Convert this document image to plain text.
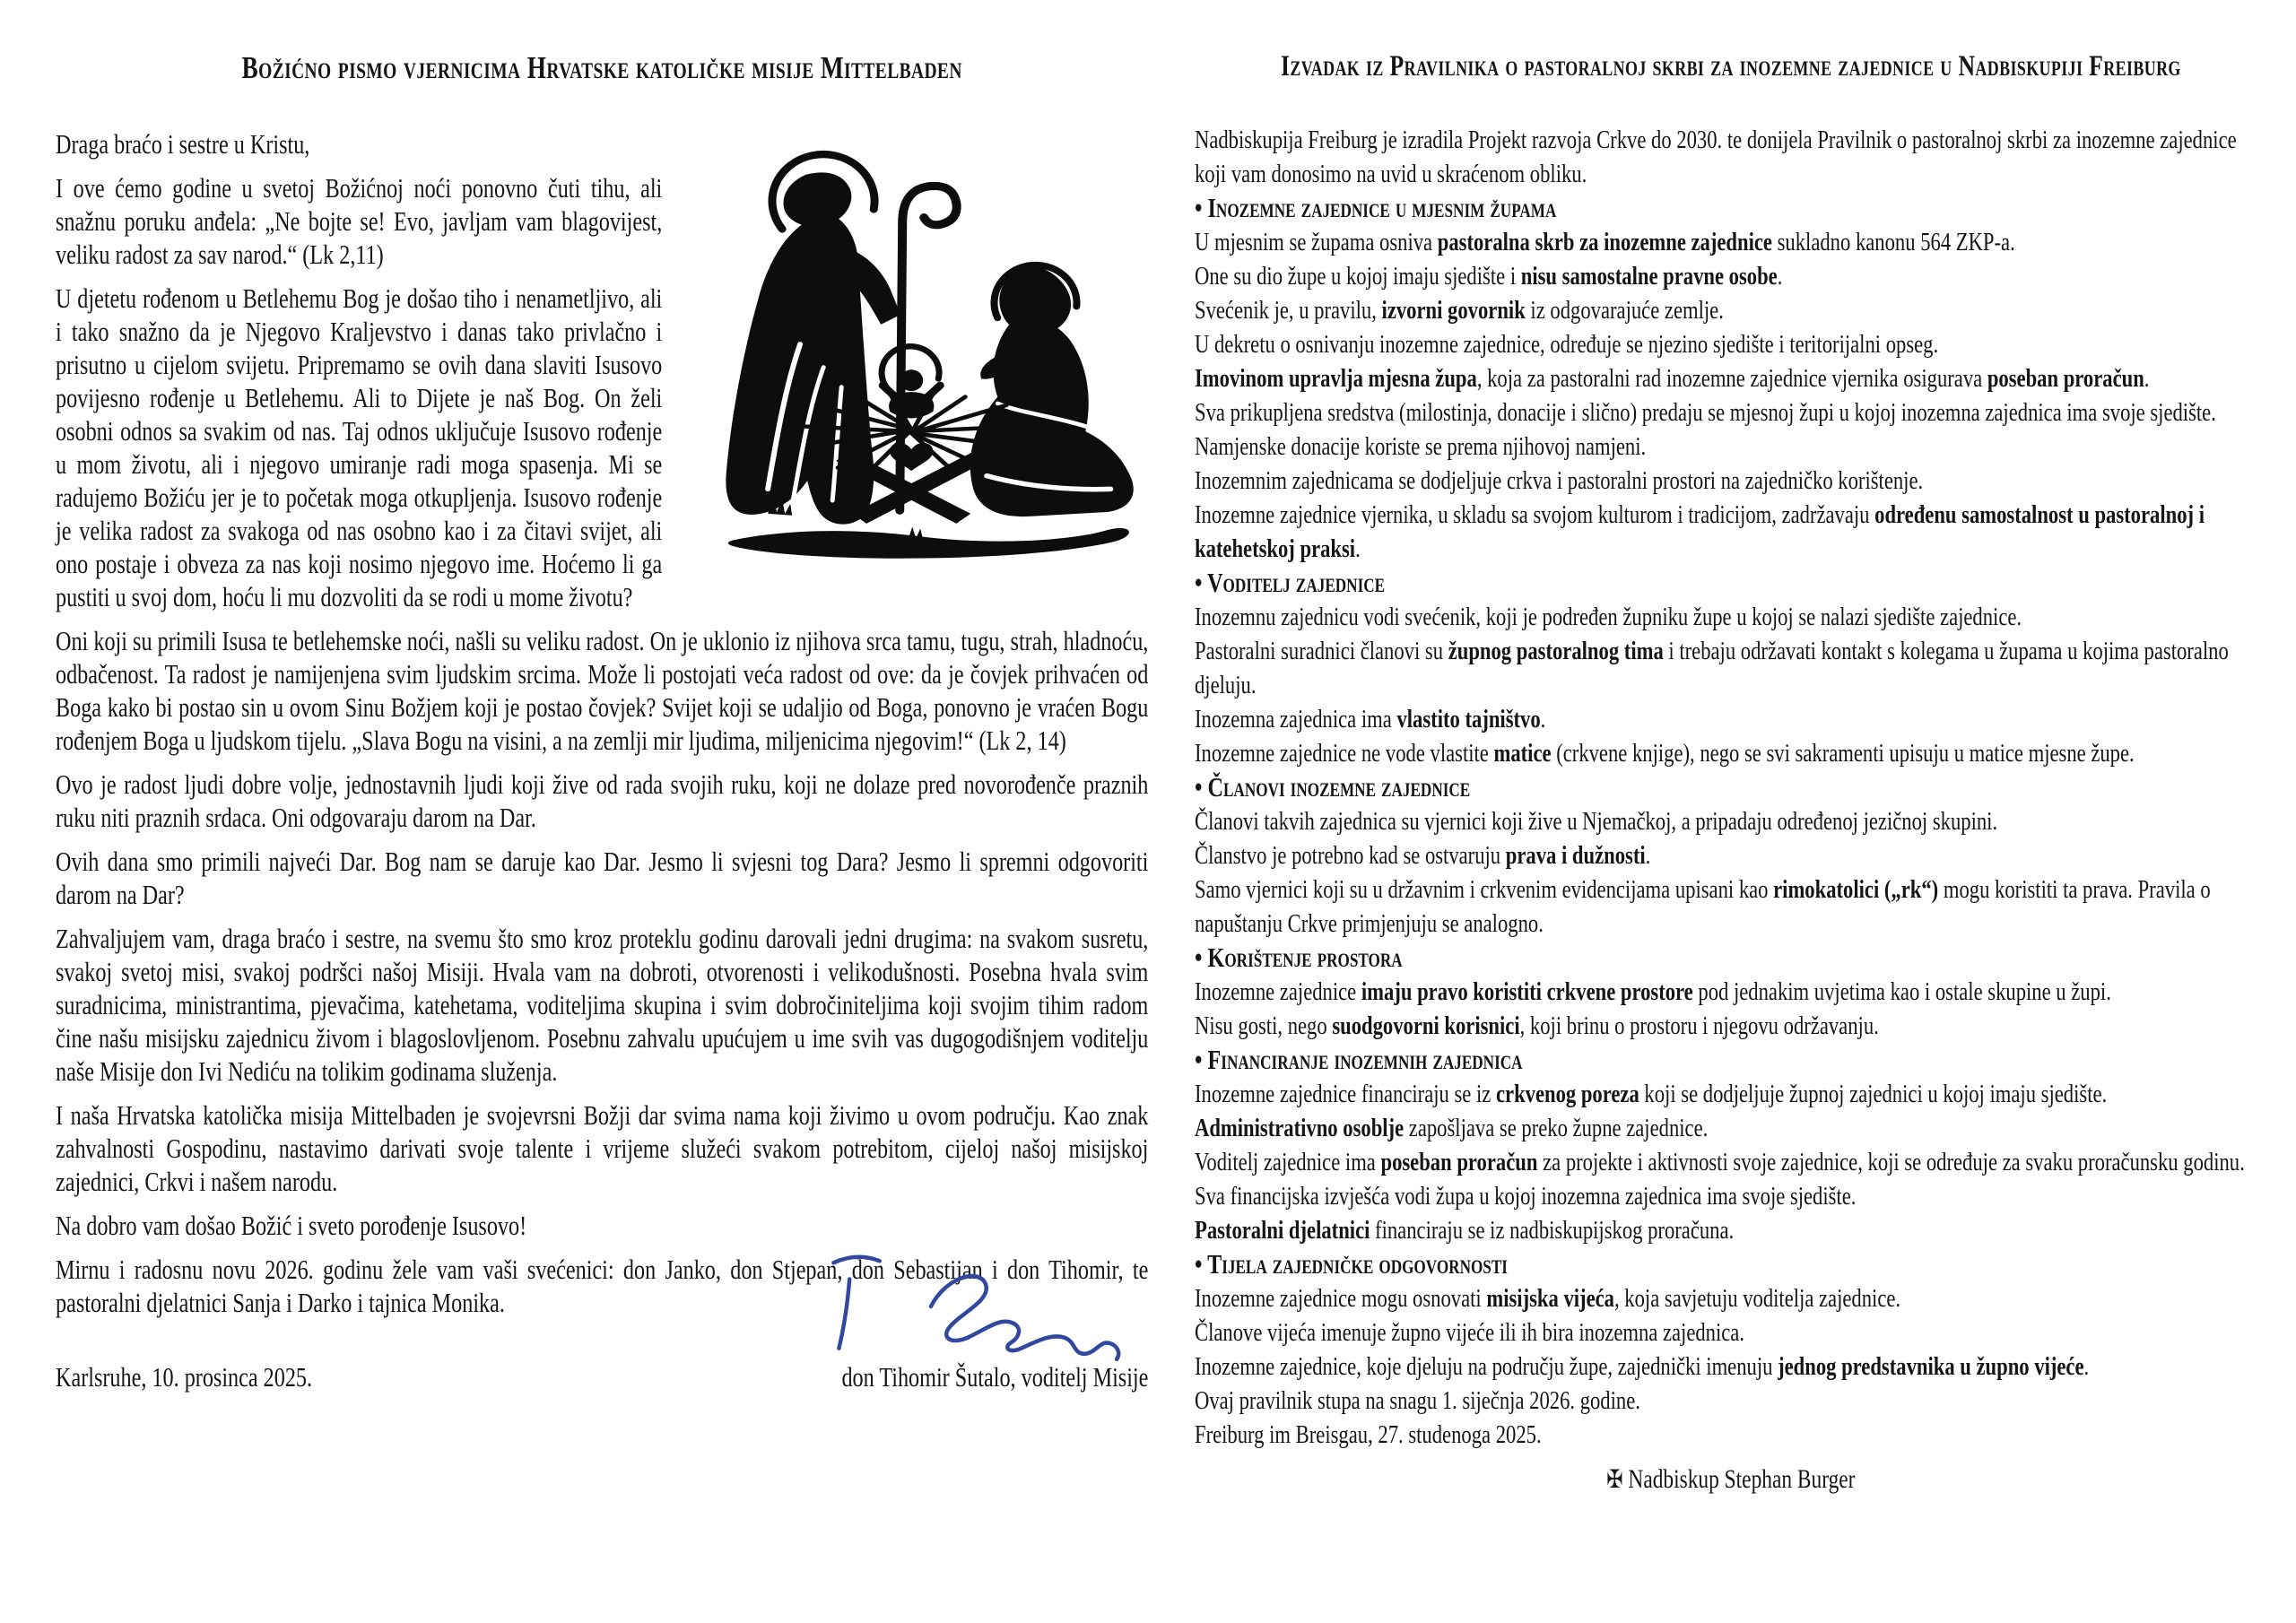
Božićno pismo vjernicima Hrvatske katoličke misije Mittelbaden

Draga braćo i sestre u Kristu,

I ove ćemo godine u svetoj Božićnoj noći ponovno čuti tihu, ali snažnu poruku anđela: „Ne bojte se! Evo, javljam vam blagovijest, veliku radost za sav narod.“ (Lk 2,11)

U djetetu rođenom u Betlehemu Bog je došao tiho i nenametljivo, ali i tako snažno da je Njegovo Kraljevstvo i danas tako privlačno i prisutno u cijelom svijetu. Pripremamo se ovih dana slaviti Isusovo povijesno rođenje u Betlehemu. Ali to Dijete je naš Bog. On želi osobni odnos sa svakim od nas. Taj odnos uključuje Isusovo rođenje u mom životu, ali i njegovo umiranje radi moga spasenja. Mi se radujemo Božiću jer je to početak moga otkupljenja. Isusovo rođenje je velika radost za svakoga od nas osobno kao i za čitavi svijet, ali ono postaje i obveza za nas koji nosimo njegovo ime. Hoćemo li ga pustiti u svoj dom, hoću li mu dozvoliti da se rodi u mome životu?

Oni koji su primili Isusa te betlehemske noći, našli su veliku radost. On je uklonio iz njihova srca tamu, tugu, strah, hladnoću, odbačenost. Ta radost je namijenjena svim ljudskim srcima. Može li postojati veća radost od ove: da je čovjek prihvaćen od Boga kako bi postao sin u ovom Sinu Božjem koji je postao čovjek? Svijet koji se udaljio od Boga, ponovno je vraćen Bogu rođenjem Boga u ljudskom tijelu. „Slava Bogu na visini, a na zemlji mir ljudima, miljenicima njegovim!“ (Lk 2, 14)

Ovo je radost ljudi dobre volje, jednostavnih ljudi koji žive od rada svojih ruku, koji ne dolaze pred novorođenče praznih ruku niti praznih srdaca. Oni odgovaraju darom na Dar.

Ovih dana smo primili najveći Dar. Bog nam se daruje kao Dar. Jesmo li svjesni tog Dara? Jesmo li spremni odgovoriti darom na Dar?

Zahvaljujem vam, draga braćo i sestre, na svemu što smo kroz proteklu godinu darovali jedni drugima: na svakom susretu, svakoj svetoj misi, svakoj podršci našoj Misiji. Hvala vam na dobroti, otvorenosti i velikodušnosti. Posebna hvala svim suradnicima, ministrantima, pjevačima, katehetama, voditeljima skupina i svim dobročiniteljima koji svojim tihim radom čine našu misijsku zajednicu živom i blagoslovljenom. Posebnu zahvalu upućujem u ime svih vas dugogodišnjem voditelju naše Misije don Ivi Nediću na tolikim godinama služenja.

I naša Hrvatska katolička misija Mittelbaden je svojevrsni Božji dar svima nama koji živimo u ovom području. Kao znak zahvalnosti Gospodinu, nastavimo darivati svoje talente i vrijeme služeći svakom potrebitom, cijeloj našoj misijskoj zajednici, Crkvi i našem narodu.

Na dobro vam došao Božić i sveto porođenje Isusovo!

Mirnu i radosnu novu 2026. godinu žele vam vaši svećenici: don Janko, don Stjepan, don Sebastijan i don Tihomir, te pastoralni djelatnici Sanja i Darko i tajnica Monika.

Karlsruhe, 10. prosinca 2025.	don Tihomir Šutalo, voditelj Misije
Izvadak iz Pravilnika o pastoralnoj skrbi za inozemne zajednice u Nadbiskupiji Freiburg

Nadbiskupija Freiburg je izradila Projekt razvoja Crkve do 2030. te donijela Pravilnik o pastoralnoj skrbi za inozemne zajednice koji vam donosimo na uvid u skraćenom obliku.

• Inozemne zajednice u mjesnim župama

U mjesnim se župama osniva pastoralna skrb za inozemne zajednice sukladno kanonu 564 ZKP-a.

One su dio župe u kojoj imaju sjedište i nisu samostalne pravne osobe.

Svećenik je, u pravilu, izvorni govornik iz odgovarajuće zemlje.

U dekretu o osnivanju inozemne zajednice, određuje se njezino sjedište i teritorijalni opseg.

Imovinom upravlja mjesna župa, koja za pastoralni rad inozemne zajednice vjernika osigurava poseban proračun.

Sva prikupljena sredstva (milostinja, donacije i slično) predaju se mjesnoj župi u kojoj inozemna zajednica ima svoje sjedište. Namjenske donacije koriste se prema njihovoj namjeni.

Inozemnim zajednicama se dodjeljuje crkva i pastoralni prostori na zajedničko korištenje.

Inozemne zajednice vjernika, u skladu sa svojom kulturom i tradicijom, zadržavaju određenu samostalnost u pastoralnoj i katehetskoj praksi.

• Voditelj zajednice

Inozemnu zajednicu vodi svećenik, koji je podređen župniku župe u kojoj se nalazi sjedište zajednice.

Pastoralni suradnici članovi su župnog pastoralnog tima i trebaju održavati kontakt s kolegama u župama u kojima pastoralno djeluju.

Inozemna zajednica ima vlastito tajništvo.

Inozemne zajednice ne vode vlastite matice (crkvene knjige), nego se svi sakramenti upisuju u matice mjesne župe.

• Članovi inozemne zajednice

Članovi takvih zajednica su vjernici koji žive u Njemačkoj, a pripadaju određenoj jezičnoj skupini.

Članstvo je potrebno kad se ostvaruju prava i dužnosti.

Samo vjernici koji su u državnim i crkvenim evidencijama upisani kao rimokatolici („rk“) mogu koristiti ta prava. Pravila o napuštanju Crkve primjenjuju se analogno.

• Korištenje prostora

Inozemne zajednice imaju pravo koristiti crkvene prostore pod jednakim uvjetima kao i ostale skupine u župi.

Nisu gosti, nego suodgovorni korisnici, koji brinu o prostoru i njegovu održavanju.

• Financiranje inozemnih zajednica

Inozemne zajednice financiraju se iz crkvenog poreza koji se dodjeljuje župnoj zajednici u kojoj imaju sjedište.

Administrativno osoblje zapošljava se preko župne zajednice.

Voditelj zajednice ima poseban proračun za projekte i aktivnosti svoje zajednice, koji se određuje za svaku proračunsku godinu.

Sva financijska izvješća vodi župa u kojoj inozemna zajednica ima svoje sjedište.

Pastoralni djelatnici financiraju se iz nadbiskupijskog proračuna.

• Tijela zajedničke odgovornosti

Inozemne zajednice mogu osnovati misijska vijeća, koja savjetuju voditelja zajednice.

Članove vijeća imenuje župno vijeće ili ih bira inozemna zajednica.

Inozemne zajednice, koje djeluju na području župe, zajednički imenuju jednog predstavnika u župno vijeće.

Ovaj pravilnik stupa na snagu 1. siječnja 2026. godine.

Freiburg im Breisgau, 27. studenoga 2025.

✠ Nadbiskup Stephan Burger
